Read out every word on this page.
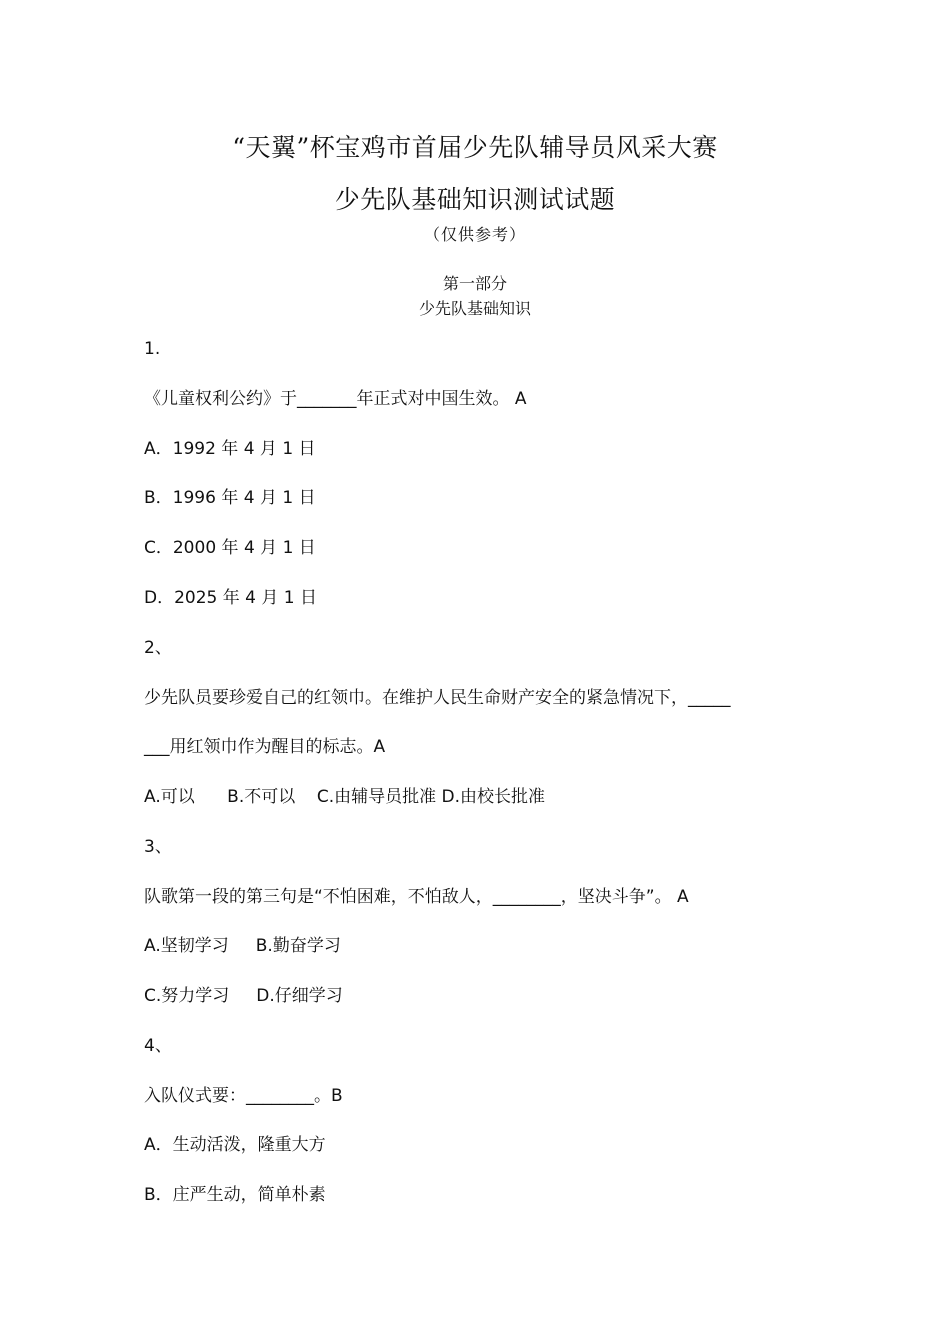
“天翼”杯宝鸡市首届少先队辅导员风采大赛
少先队基础知识测试试题
（仅供参考）
第一部分
少先队基础知识
1.
《儿童权利公约》于_______年正式对中国生效。 A
A．1992 年 4 月 1 日
B．1996 年 4 月 1 日
C．2000 年 4 月 1 日
D．2025 年 4 月 1 日
2、
少先队员要珍爱自己的红领巾。在维护人民生命财产安全的紧急情况下，_____
___用红领巾作为醒目的标志。A
A.可以      B.不可以    C.由辅导员批准 D.由校长批准
3、
队歌第一段的第三句是“不怕困难，不怕敌人，________，坚决斗争”。 A
A.坚韧学习     B.勤奋学习
C.努力学习     D.仔细学习
4、
入队仪式要：________。B
A．生动活泼，隆重大方
B．庄严生动，简单朴素
